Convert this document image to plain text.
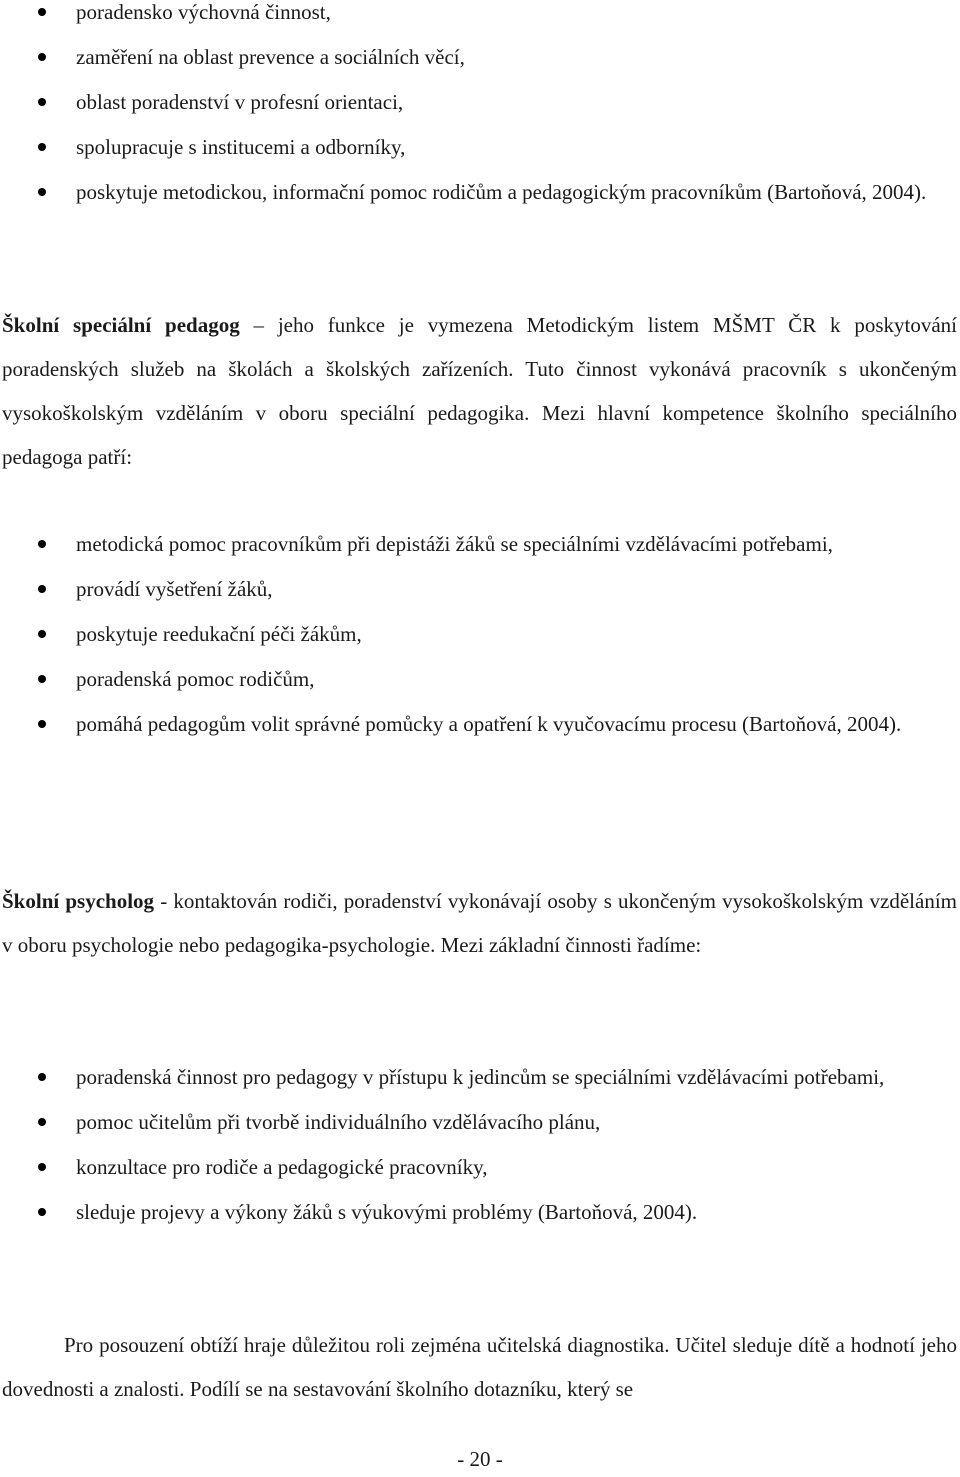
poradensko výchovná činnost,
zaměření na oblast prevence a sociálních věcí,
oblast poradenství v profesní orientaci,
spolupracuje s institucemi a odborníky,
poskytuje metodickou, informační pomoc rodičům a pedagogickým pracovníkům (Bartoňová, 2004).

Školní speciální pedagog – jeho funkce je vymezena Metodickým listem MŠMT ČR k poskytování poradenských služeb na školách a školských zařízeních. Tuto činnost vykonává pracovník s ukončeným vysokoškolským vzděláním v oboru speciální pedagogika. Mezi hlavní kompetence školního speciálního pedagoga patří:

metodická pomoc pracovníkům při depistáži žáků se speciálními vzdělávacími potřebami,
provádí vyšetření žáků,
poskytuje reedukační péči žákům,
poradenská pomoc rodičům,
pomáhá pedagogům volit správné pomůcky a opatření k vyučovacímu procesu (Bartoňová, 2004).

Školní psycholog - kontaktován rodiči, poradenství vykonávají osoby s ukončeným vysokoškolským vzděláním v oboru psychologie nebo pedagogika-psychologie. Mezi základní činnosti řadíme:

poradenská činnost pro pedagogy v přístupu k jedincům se speciálními vzdělávacími potřebami,
pomoc učitelům při tvorbě individuálního vzdělávacího plánu,
konzultace pro rodiče a pedagogické pracovníky,
sleduje projevy a výkony žáků s výukovými problémy (Bartoňová, 2004).

Pro posouzení obtíží hraje důležitou roli zejména učitelská diagnostika. Učitel sleduje dítě a hodnotí jeho dovednosti a znalosti. Podílí se na sestavování školního dotazníku, který se

- 20 -
